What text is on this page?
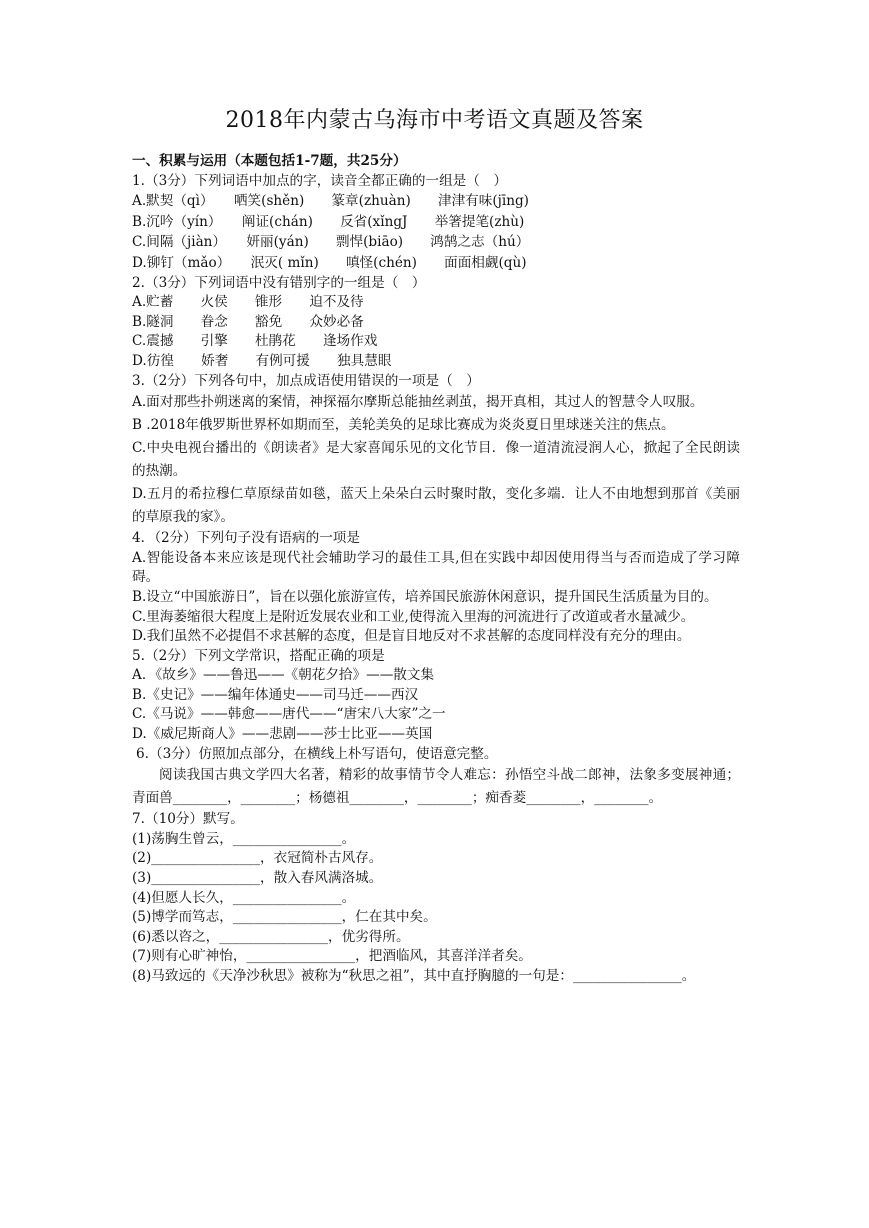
2018年内蒙古乌海市中考语文真题及答案
一、积累与运用（本题包括1-7题，共25分）
1.（3分）下列词语中加点的字，读音全都正确的一组是（　）
A.默契（qì）　　哂笑(shěn)　　篆章(zhuàn)　　津津有味(jīng)
B.沉吟（yín）　　阐证(chán)　　反省(xǐngJ　　举箸提笔(zhù)
C.间隔（jiàn）　　妍丽(yán)　　剽悍(biāo)　　鸿鹄之志（hú）
D.铆钉（mǎo）　　泯灭( mǐn)　　嗔怪(chén)　　面面相觑(qù)
2.（3分）下列词语中没有错别字的一组是（　）
A.贮蓄　　火侯　　锥形　　迫不及待
B.隧洞　　眷念　　豁免　　众妙必备
C.震撼　　引擎　　杜鹃花　　逢场作戏
D.彷徨　　娇奢　　有例可援　　独具慧眼
3.（2分）下列各句中，加点成语使用错误的一项是（　）
A.面对那些扑朔迷离的案情，神探福尔摩斯总能抽丝剥茧，揭开真相，其过人的智慧令人叹服。
B .2018年俄罗斯世界杯如期而至，美轮美奂的足球比赛成为炎炎夏日里球迷关注的焦点。
C.中央电视台播出的《朗读者》是大家喜闻乐见的文化节目．像一道清流浸润人心，掀起了全民朗读的热潮。
D.五月的希拉穆仁草原绿苗如毯，蓝天上朵朵白云时聚时散，变化多端．让人不由地想到那首《美丽的草原我的家》。
4．（2分）下列句子没有语病的一项是
A.智能设备本来应该是现代社会辅助学习的最佳工具,但在实践中却因使用得当与否而造成了学习障碍。
B.设立“中国旅游日”，旨在以强化旅游宣传，培养国民旅游休闲意识，提升国民生活质量为目的。
C.里海萎缩很大程度上是附近发展农业和工业,使得流入里海的河流进行了改道或者水量减少。
D.我们虽然不必提倡不求甚解的态度，但是盲目地反对不求甚解的态度同样没有充分的理由。
5.（2分）下列文学常识，搭配正确的项是
A．《故乡》——鲁迅——《朝花夕拾》——散文集
B.《史记》——编年体通史——司马迁——西汉
C.《马说》——韩愈——唐代——“唐宋八大家”之一
D.《威尼斯商人》——悲剧——莎士比亚——英国
6.（3分）仿照加点部分，在横线上朴写语句，使语意完整。
阅读我国古典文学四大名著，精彩的故事情节令人难忘：孙悟空斗战二郎神，法象多变展神通；青面兽________，________；杨德祖________，________；痴香菱________，________。
7.（10分）默写。
(1)荡胸生曾云，________________。
(2)________________，衣冠简朴古风存。
(3)________________，散入春风满洛城。
(4)但愿人长久，________________。
(5)博学而笃志，________________，仁在其中矣。
(6)悉以咨之，________________，优劣得所。
(7)则有心旷神怡，________________，把酒临风，其喜洋洋者矣。
(8)马致远的《天净沙秋思》被称为“秋思之祖”，其中直抒胸臆的一句是：________________。
